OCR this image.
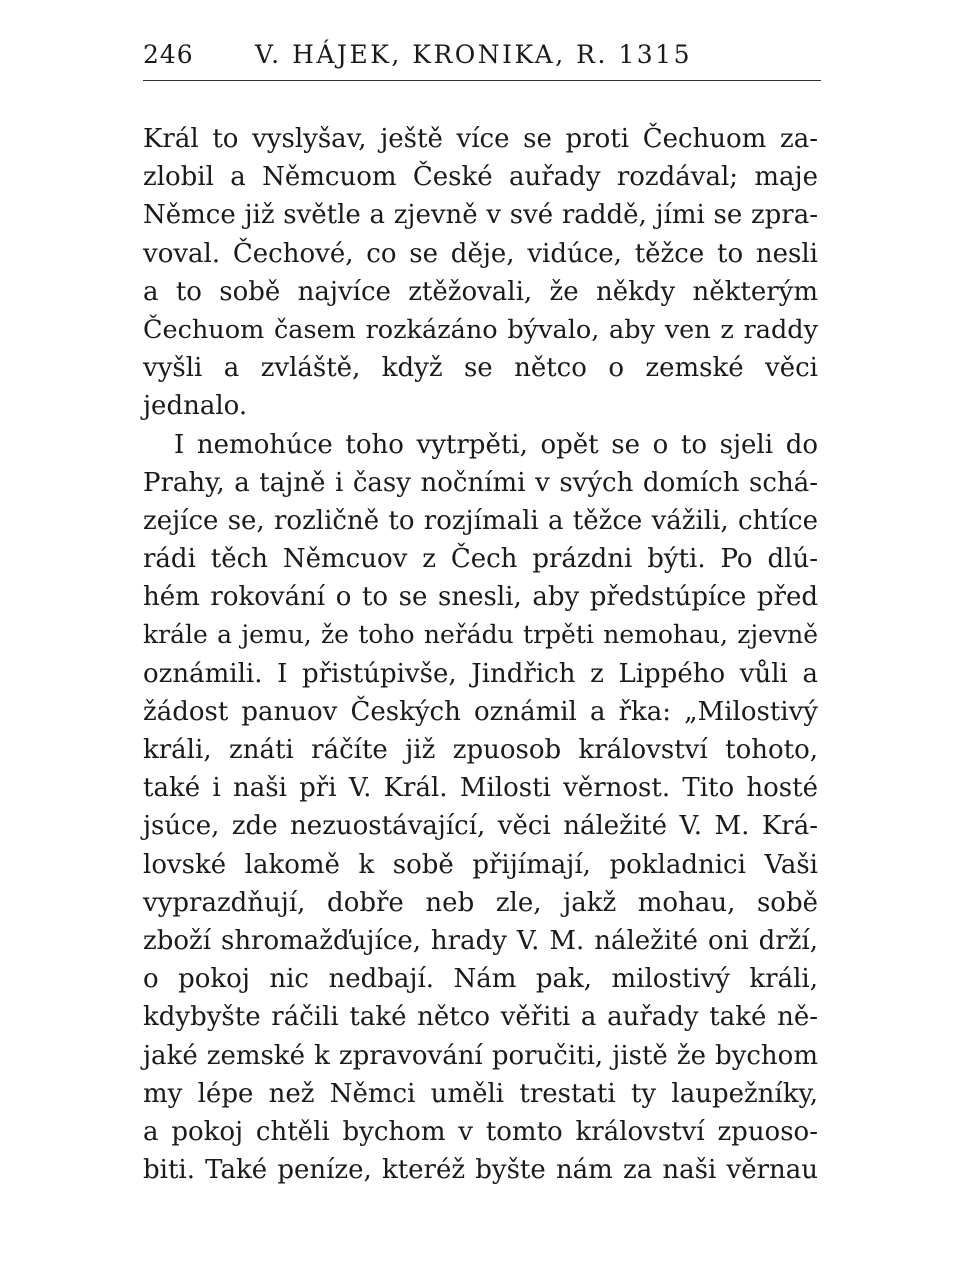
246 V. HÁJEK, KRONIKA, R. 1315
Král to vyslyšav, ještě více se proti Čechuom za-
zlobil a Němcuom České auřady rozdával; maje
Němce již světle a zjevně v své raddě, jími se zpra-
voval. Čechové, co se děje, vidúce, těžce to nesli
a to sobě najvíce ztěžovali, že někdy některým
Čechuom časem rozkázáno bývalo, aby ven z raddy
vyšli a zvláště, když se nětco o zemské věci
jednalo.
I nemohúce toho vytrpěti, opět se o to sjeli do
Prahy, a tajně i časy nočními v svých domích schá-
zejíce se, rozličně to rozjímali a těžce vážili, chtíce
rádi těch Němcuov z Čech prázdni býti. Po dlú-
hém rokování o to se snesli, aby předstúpíce před
krále a jemu, že toho neřádu trpěti nemohau, zjevně
oznámili. I přistúpivše, Jindřich z Lippého vůli a
žádost panuov Českých oznámil a řka: „Milostivý
králi, znáti ráčíte již zpuosob království tohoto,
také i naši při V. Král. Milosti věrnost. Tito hosté
jsúce, zde nezuostávající, věci náležité V. M. Krá-
lovské lakomě k sobě přijímají, pokladnici Vaši
vyprazdňují, dobře neb zle, jakž mohau, sobě
zboží shromažďujíce, hrady V. M. náležité oni drží,
o pokoj nic nedbají. Nám pak, milostivý králi,
kdybyšte ráčili také nětco věřiti a auřady také ně-
jaké zemské k zpravování poručiti, jistě že bychom
my lépe než Němci uměli trestati ty laupežníky,
a pokoj chtěli bychom v tomto království zpuoso-
biti. Také peníze, kteréž byšte nám za naši věrnau
